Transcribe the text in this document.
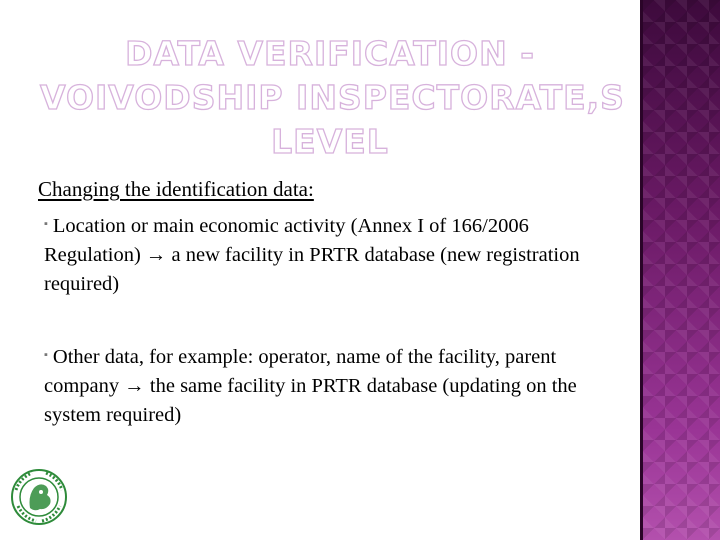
DATA VERIFICATION -
VOIVODSHIP INSPECTORATE,S
LEVEL
Changing the identification data:
▪ Location or main economic activity (Annex I of 166/2006 Regulation) → a new facility in PRTR database (new registration required)
▪ Other data, for example: operator, name of the facility, parent company → the same facility in PRTR database (updating on the system required)
